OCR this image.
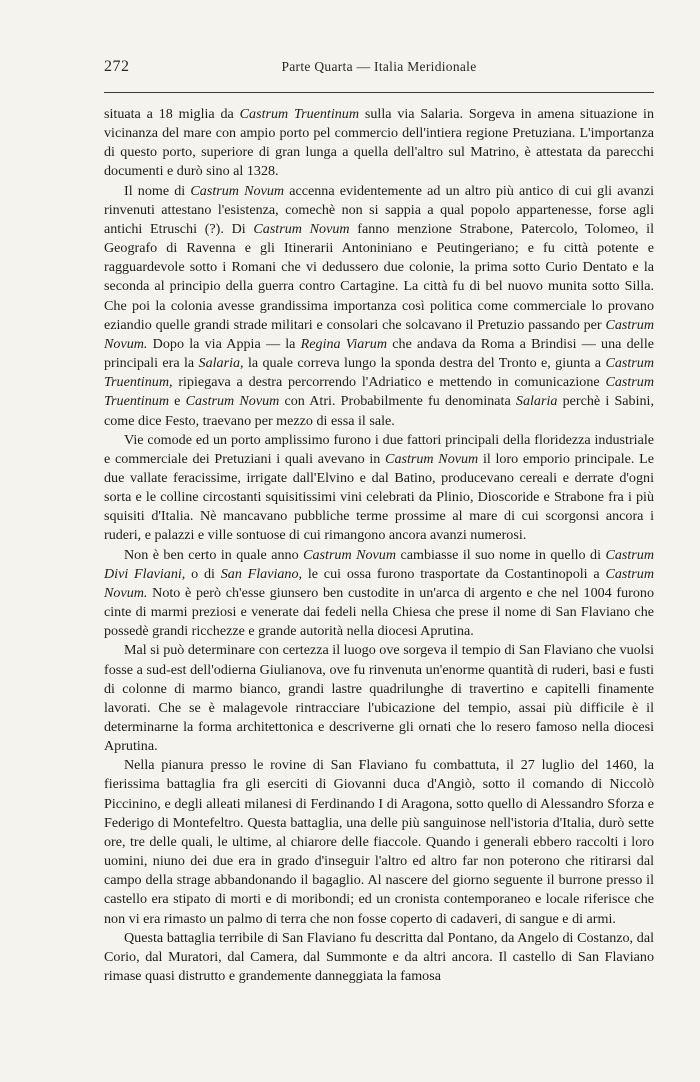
272	Parte Quarta — Italia Meridionale

situata a 18 miglia da Castrum Truentinum sulla via Salaria. Sorgeva in amena situazione in vicinanza del mare con ampio porto pel commercio dell'intiera regione Pretuziana. L'importanza di questo porto, superiore di gran lunga a quella dell'altro sul Matrino, è attestata da parecchi documenti e durò sino al 1328.

Il nome di Castrum Novum accenna evidentemente ad un altro più antico di cui gli avanzi rinvenuti attestano l'esistenza, comechè non si sappia a qual popolo appartenesse, forse agli antichi Etruschi (?). Di Castrum Novum fanno menzione Strabone, Patercolo, Tolomeo, il Geografo di Ravenna e gli Itinerarii Antoniniano e Peutingeriano; e fu città potente e ragguardevole sotto i Romani che vi dedussero due colonie, la prima sotto Curio Dentato e la seconda al principio della guerra contro Cartagine. La città fu di bel nuovo munita sotto Silla. Che poi la colonia avesse grandissima importanza così politica come commerciale lo provano eziandio quelle grandi strade militari e consolari che solcavano il Pretuzio passando per Castrum Novum. Dopo la via Appia — la Regina Viarum che andava da Roma a Brindisi — una delle principali era la Salaria, la quale correva lungo la sponda destra del Tronto e, giunta a Castrum Truentinum, ripiegava a destra percorrendo l'Adriatico e mettendo in comunicazione Castrum Truentinum e Castrum Novum con Atri. Probabilmente fu denominata Salaria perchè i Sabini, come dice Festo, traevano per mezzo di essa il sale.

Vie comode ed un porto amplissimo furono i due fattori principali della floridezza industriale e commerciale dei Pretuziani i quali avevano in Castrum Novum il loro emporio principale. Le due vallate feracissime, irrigate dall'Elvino e dal Batino, producevano cereali e derrate d'ogni sorta e le colline circostanti squisitissimi vini celebrati da Plinio, Dioscoride e Strabone fra i più squisiti d'Italia. Nè mancavano pubbliche terme prossime al mare di cui scorgonsi ancora i ruderi, e palazzi e ville sontuose di cui rimangono ancora avanzi numerosi.

Non è ben certo in quale anno Castrum Novum cambiasse il suo nome in quello di Castrum Divi Flaviani, o di San Flaviano, le cui ossa furono trasportate da Costantinopoli a Castrum Novum. Noto è però ch'esse giunsero ben custodite in un'arca di argento e che nel 1004 furono cinte di marmi preziosi e venerate dai fedeli nella Chiesa che prese il nome di San Flaviano che possedè grandi ricchezze e grande autorità nella diocesi Aprutina.

Mal si può determinare con certezza il luogo ove sorgeva il tempio di San Flaviano che vuolsi fosse a sud-est dell'odierna Giulianova, ove fu rinvenuta un'enorme quantità di ruderi, basi e fusti di colonne di marmo bianco, grandi lastre quadrilunghe di travertino e capitelli finamente lavorati. Che se è malagevole rintracciare l'ubicazione del tempio, assai più difficile è il determinarne la forma architettonica e descriverne gli ornati che lo resero famoso nella diocesi Aprutina.

Nella pianura presso le rovine di San Flaviano fu combattuta, il 27 luglio del 1460, la fierissima battaglia fra gli eserciti di Giovanni duca d'Angiò, sotto il comando di Niccolò Piccinino, e degli alleati milanesi di Ferdinando I di Aragona, sotto quello di Alessandro Sforza e Federigo di Montefeltro. Questa battaglia, una delle più sanguinose nell'istoria d'Italia, durò sette ore, tre delle quali, le ultime, al chiarore delle fiaccole. Quando i generali ebbero raccolti i loro uomini, niuno dei due era in grado d'inseguir l'altro ed altro far non poterono che ritirarsi dal campo della strage abbandonando il bagaglio. Al nascere del giorno seguente il burrone presso il castello era stipato di morti e di moribondi; ed un cronista contemporaneo e locale riferisce che non vi era rimasto un palmo di terra che non fosse coperto di cadaveri, di sangue e di armi.

Questa battaglia terribile di San Flaviano fu descritta dal Pontano, da Angelo di Costanzo, dal Corio, dal Muratori, dal Camera, dal Summonte e da altri ancora. Il castello di San Flaviano rimase quasi distrutto e grandemente danneggiata la famosa
